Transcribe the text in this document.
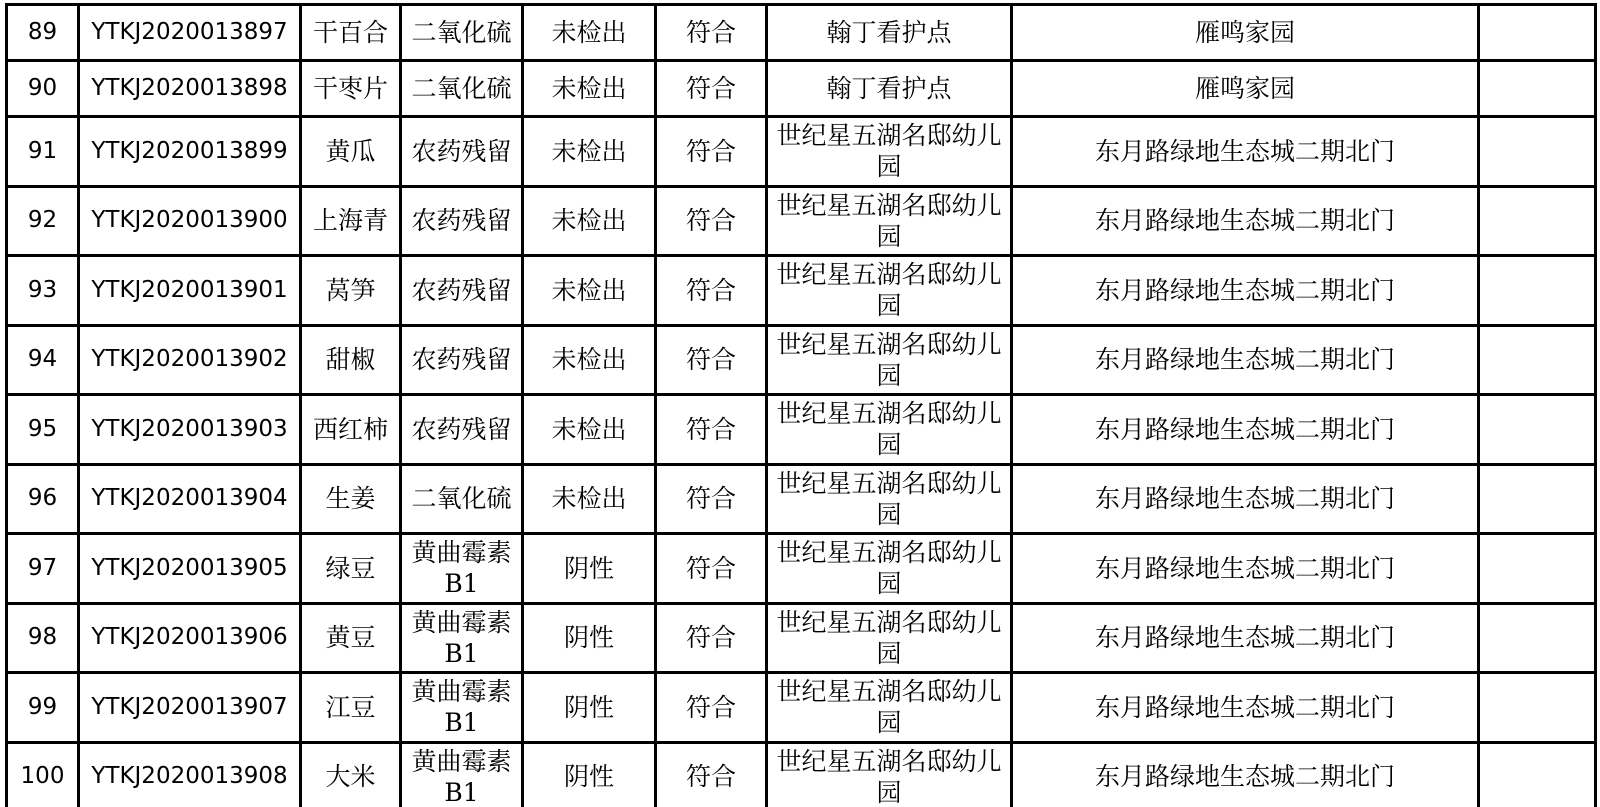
89	YTKJ2020013897	干百合	二氧化硫	未检出	符合	翰丁看护点	雁鸣家园	
90	YTKJ2020013898	干枣片	二氧化硫	未检出	符合	翰丁看护点	雁鸣家园	
91	YTKJ2020013899	黄瓜	农药残留	未检出	符合	世纪星五湖名邸幼儿园	东月路绿地生态城二期北门	
92	YTKJ2020013900	上海青	农药残留	未检出	符合	世纪星五湖名邸幼儿园	东月路绿地生态城二期北门	
93	YTKJ2020013901	莴笋	农药残留	未检出	符合	世纪星五湖名邸幼儿园	东月路绿地生态城二期北门	
94	YTKJ2020013902	甜椒	农药残留	未检出	符合	世纪星五湖名邸幼儿园	东月路绿地生态城二期北门	
95	YTKJ2020013903	西红柿	农药残留	未检出	符合	世纪星五湖名邸幼儿园	东月路绿地生态城二期北门	
96	YTKJ2020013904	生姜	二氧化硫	未检出	符合	世纪星五湖名邸幼儿园	东月路绿地生态城二期北门	
97	YTKJ2020013905	绿豆	黄曲霉素B1	阴性	符合	世纪星五湖名邸幼儿园	东月路绿地生态城二期北门	
98	YTKJ2020013906	黄豆	黄曲霉素B1	阴性	符合	世纪星五湖名邸幼儿园	东月路绿地生态城二期北门	
99	YTKJ2020013907	江豆	黄曲霉素B1	阴性	符合	世纪星五湖名邸幼儿园	东月路绿地生态城二期北门	
100	YTKJ2020013908	大米	黄曲霉素B1	阴性	符合	世纪星五湖名邸幼儿园	东月路绿地生态城二期北门	
